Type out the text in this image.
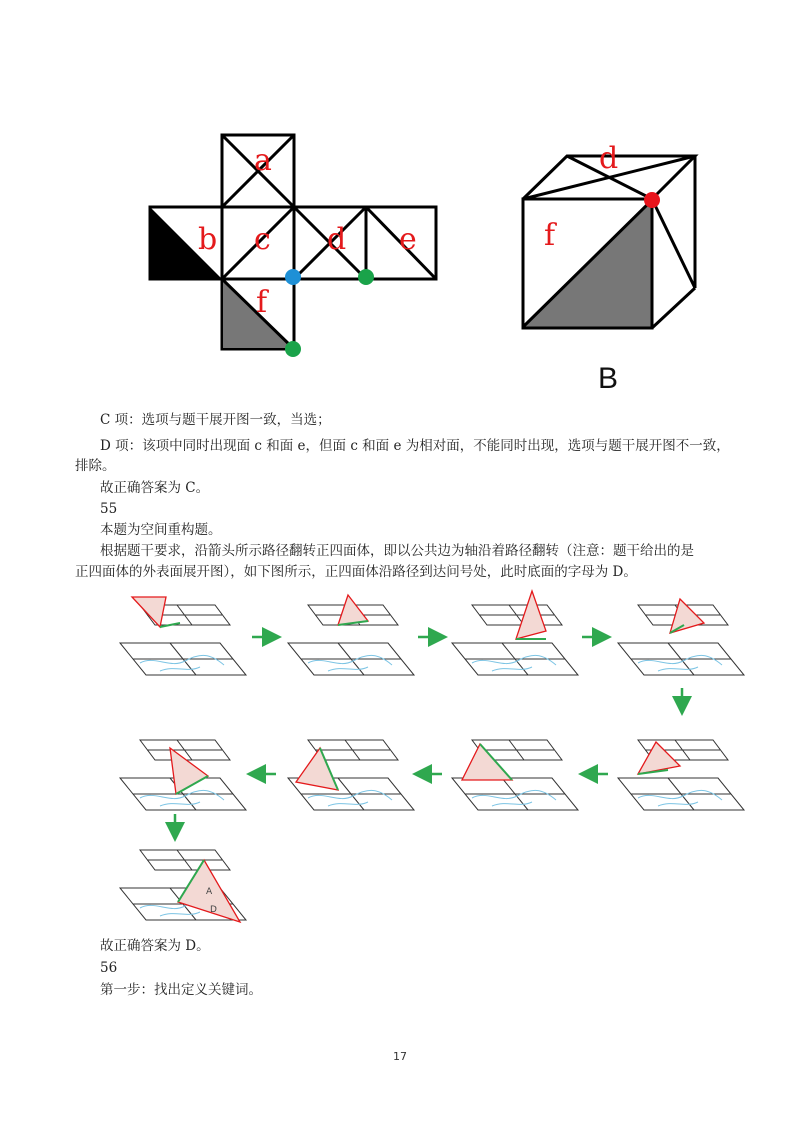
a
b c d e
f
d
f
B
C 项：选项与题干展开图一致，当选；
D 项：该项中同时出现面 c 和面 e，但面 c 和面 e 为相对面，不能同时出现，选项与题干展开图不一致，
排除。
故正确答案为 C。
55
本题为空间重构题。
根据题干要求，沿箭头所示路径翻转正四面体，即以公共边为轴沿着路径翻转（注意：题干给出的是
正四面体的外表面展开图），如下图所示，正四面体沿路径到达问号处，此时底面的字母为 D。
A
D
故正确答案为 D。
56
第一步：找出定义关键词。
17
